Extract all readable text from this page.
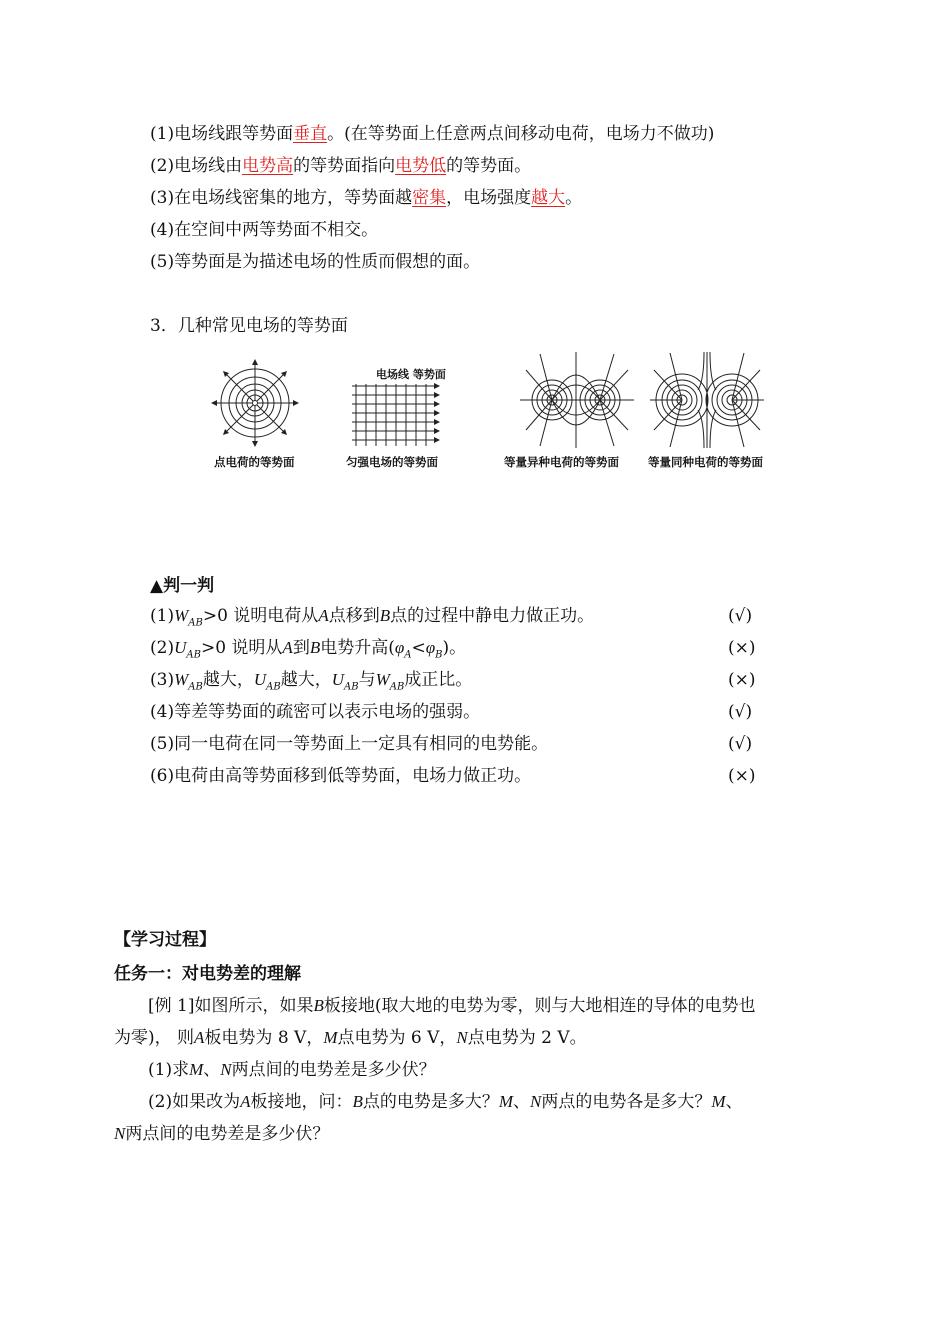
(1)电场线跟等势面垂直。(在等势面上任意两点间移动电荷，电场力不做功)
(2)电场线由电势高的等势面指向电势低的等势面。
(3)在电场线密集的地方，等势面越密集，电场强度越大。
(4)在空间中两等势面不相交。
(5)等势面是为描述电场的性质而假想的面。
3．几种常见电场的等势面
点电荷的等势面
电场线 等势面
匀强电场的等势面	等量异种电荷的等势面	等量同种电荷的等势面
▲判一判
$(1)W_{AB}>0$ 说明电荷从A点移到B点的过程中静电力做正功。	(√)
$(2)U_{AB}>0$ 说明从A到B电势升高$(\varphi_A<\varphi_B)$。	(×)
$(3)W_{AB}$越大，$U_{AB}$越大，$U_{AB}$与$W_{AB}$成正比。	(×)
(4)等差等势面的疏密可以表示电场的强弱。	(√)
(5)同一电荷在同一等势面上一定具有相同的电势能。	(√)
(6)电荷由高等势面移到低等势面，电场力做正功。	(×)
【学习过程】
任务一：对电势差的理解
[例 1]如图所示，如果B板接地(取大地的电势为零，则与大地相连的导体的电势也
为零)， 则A板电势为 8 V，M点电势为 6 V，N点电势为 2 V。
(1)求M、N两点间的电势差是多少伏？
(2)如果改为A板接地，问：B点的电势是多大？M、N两点的电势各是多大？M、
N两点间的电势差是多少伏？
